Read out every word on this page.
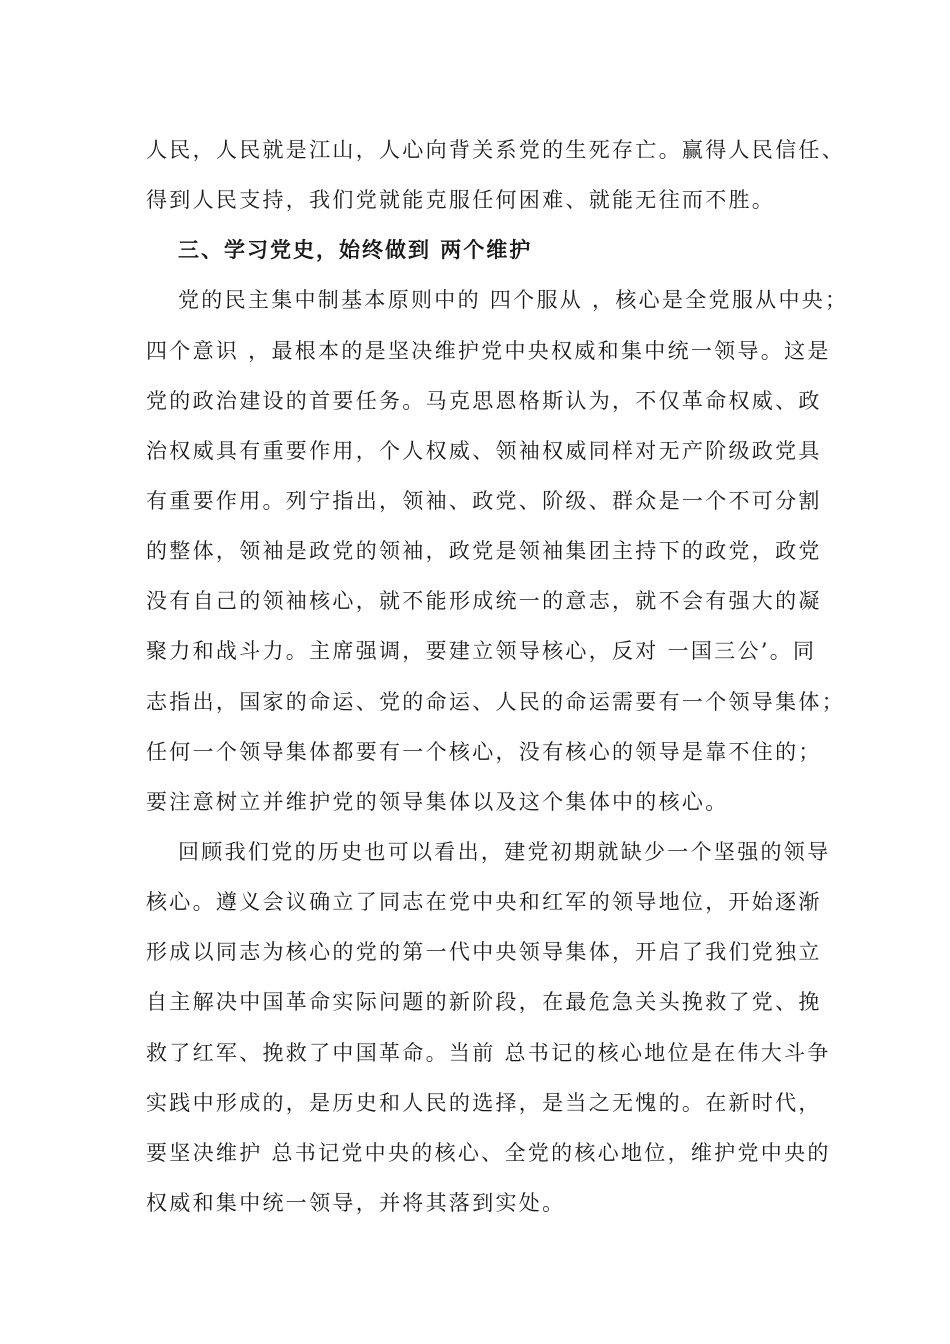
人民，人民就是江山，人心向背关系党的生死存亡。赢得人民信任、
得到人民支持，我们党就能克服任何困难、就能无往而不胜。
三、学习党史，始终做到 两个维护
党的民主集中制基本原则中的 四个服从 ，核心是全党服从中央；
四个意识 ，最根本的是坚决维护党中央权威和集中统一领导。这是
党的政治建设的首要任务。马克思恩格斯认为，不仅革命权威、政
治权威具有重要作用，个人权威、领袖权威同样对无产阶级政党具
有重要作用。列宁指出，领袖、政党、阶级、群众是一个不可分割
的整体，领袖是政党的领袖，政党是领袖集团主持下的政党，政党
没有自己的领袖核心，就不能形成统一的意志，就不会有强大的凝
聚力和战斗力。主席强调，要建立领导核心，反对 一国三公’。同
志指出，国家的命运、党的命运、人民的命运需要有一个领导集体；
任何一个领导集体都要有一个核心，没有核心的领导是靠不住的；
要注意树立并维护党的领导集体以及这个集体中的核心。
回顾我们党的历史也可以看出，建党初期就缺少一个坚强的领导
核心。遵义会议确立了同志在党中央和红军的领导地位，开始逐渐
形成以同志为核心的党的第一代中央领导集体，开启了我们党独立
自主解决中国革命实际问题的新阶段，在最危急关头挽救了党、挽
救了红军、挽救了中国革命。当前 总书记的核心地位是在伟大斗争
实践中形成的，是历史和人民的选择，是当之无愧的。在新时代，
要坚决维护 总书记党中央的核心、全党的核心地位，维护党中央的
权威和集中统一领导，并将其落到实处。
